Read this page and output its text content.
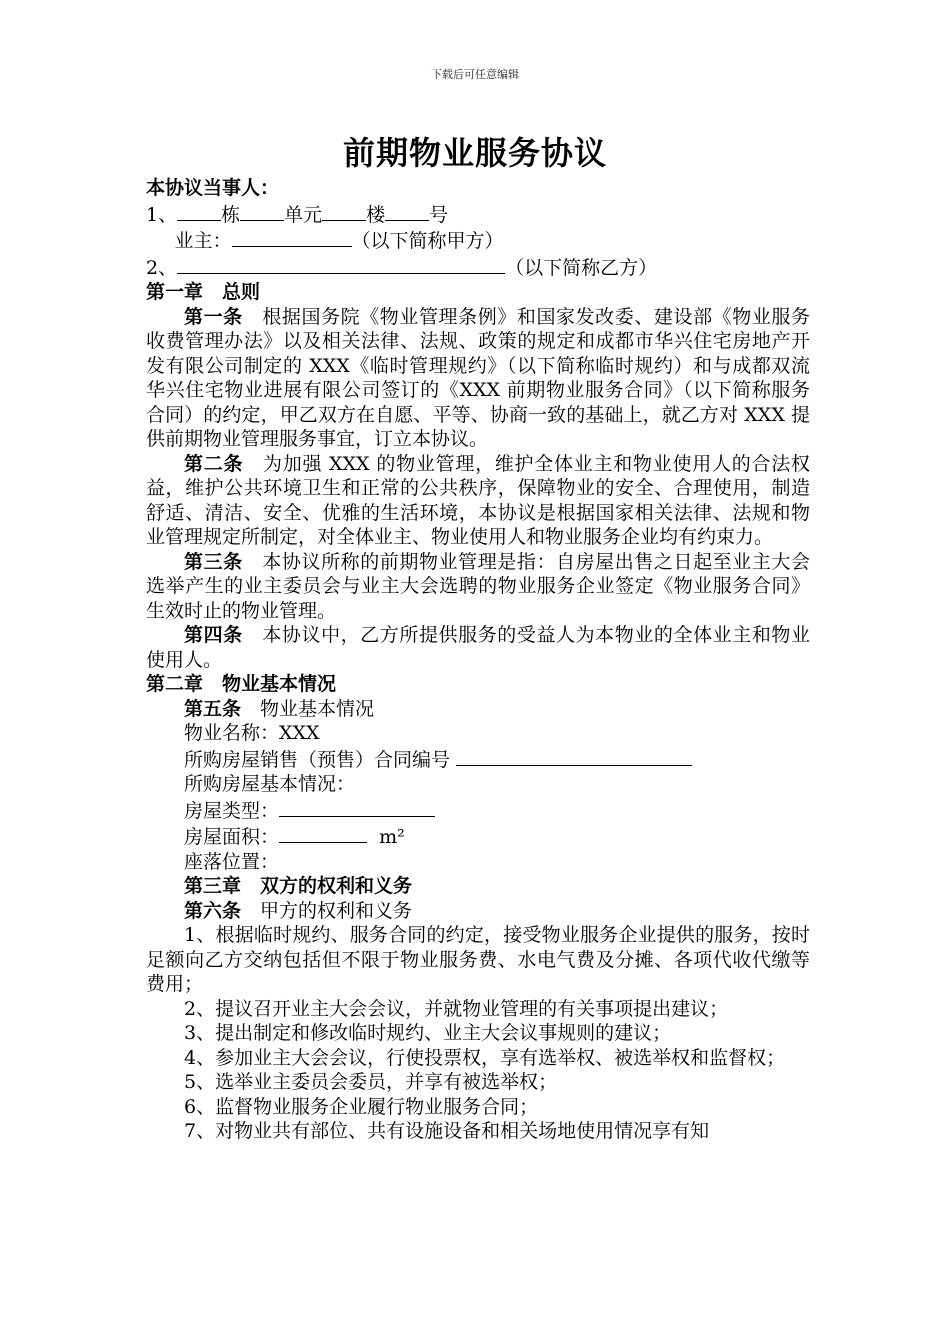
下载后可任意编辑
前期物业服务协议
本协议当事人：
1、 栋 单元 楼 号
业主：	（以下简称甲方）
2、	（以下简称乙方）
第一章　总则
第一条 根据国务院《物业管理条例》和国家发改委、建设部《物业服务收费管理办法》以及相关法律、法规、政策的规定和成都市华兴住宅房地产开发有限公司制定的 XXX《临时管理规约》（以下简称临时规约）和与成都双流华兴住宅物业进展有限公司签订的《XXX 前期物业服务合同》（以下简称服务合同）的约定，甲乙双方在自愿、平等、协商一致的基础上，就乙方对 XXX 提供前期物业管理服务事宜，订立本协议。
第二条 为加强 XXX 的物业管理，维护全体业主和物业使用人的合法权益，维护公共环境卫生和正常的公共秩序，保障物业的安全、合理使用，制造舒适、清洁、安全、优雅的生活环境，本协议是根据国家相关法律、法规和物业管理规定所制定，对全体业主、物业使用人和物业服务企业均有约束力。
第三条 本协议所称的前期物业管理是指：自房屋出售之日起至业主大会选举产生的业主委员会与业主大会选聘的物业服务企业签定《物业服务合同》生效时止的物业管理。
第四条 本协议中，乙方所提供服务的受益人为本物业的全体业主和物业使用人。
第二章　物业基本情况
第五条 物业基本情况
物业名称：XXX
所购房屋销售（预售）合同编号
所购房屋基本情况：
房屋类型：
房屋面积：	m²
座落位置：
第三章　双方的权利和义务
第六条 甲方的权利和义务
1、根据临时规约、服务合同的约定，接受物业服务企业提供的服务，按时足额向乙方交纳包括但不限于物业服务费、水电气费及分摊、各项代收代缴等费用；
2、提议召开业主大会会议，并就物业管理的有关事项提出建议；
3、提出制定和修改临时规约、业主大会议事规则的建议；
4、参加业主大会会议，行使投票权，享有选举权、被选举权和监督权；
5、选举业主委员会委员，并享有被选举权；
6、监督物业服务企业履行物业服务合同；
7、对物业共有部位、共有设施设备和相关场地使用情况享有知
